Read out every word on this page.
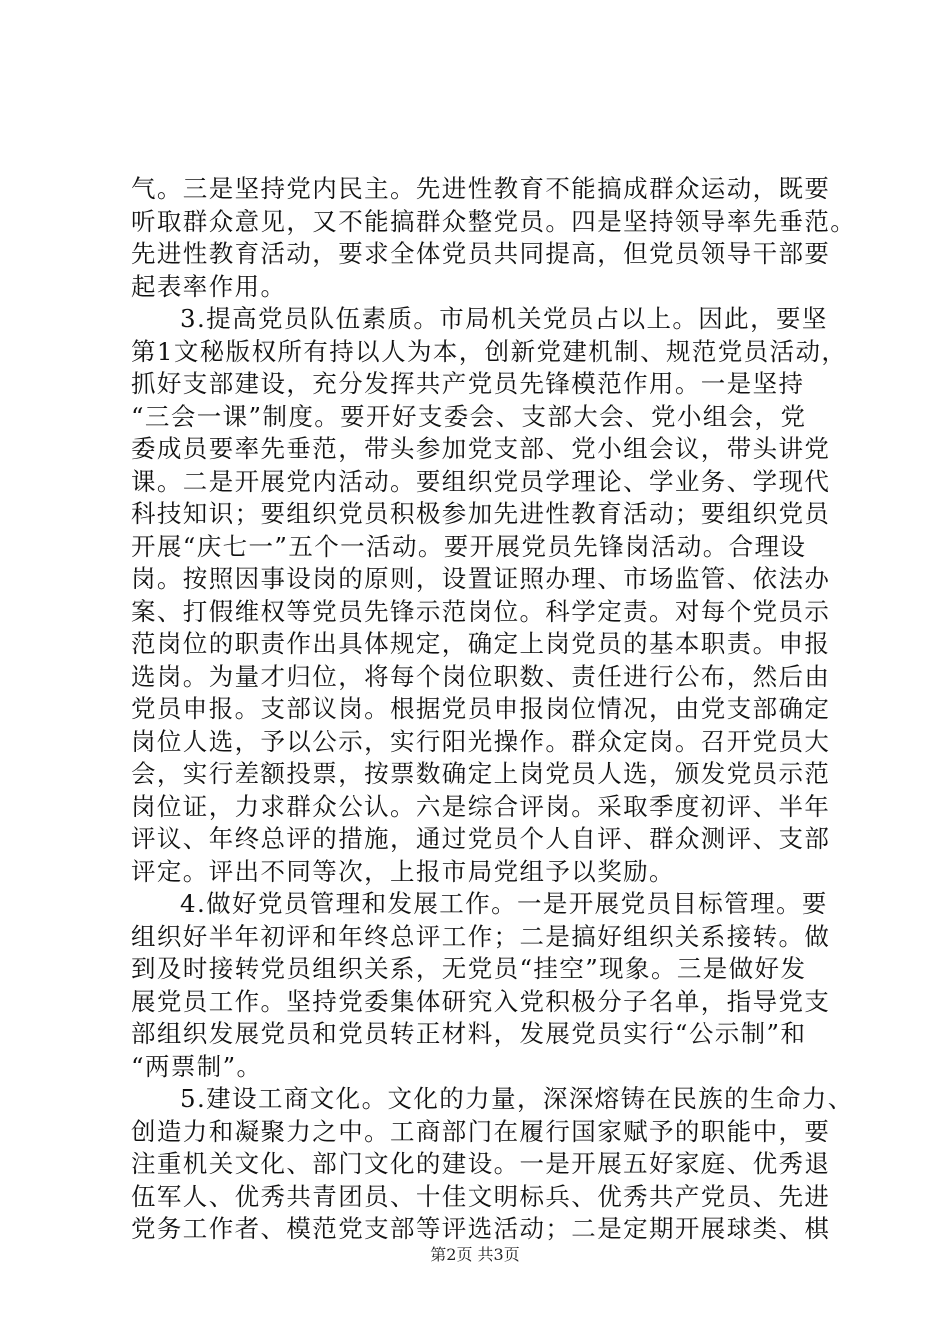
气。三是坚持党内民主。先进性教育不能搞成群众运动，既要
听取群众意见，又不能搞群众整党员。四是坚持领导率先垂范。
先进性教育活动，要求全体党员共同提高，但党员领导干部要
起表率作用。
3.提高党员队伍素质。市局机关党员占以上。因此，要坚
第1文秘版权所有持以人为本，创新党建机制、规范党员活动，
抓好支部建设，充分发挥共产党员先锋模范作用。一是坚持
“三会一课”制度。要开好支委会、支部大会、党小组会，党
委成员要率先垂范，带头参加党支部、党小组会议，带头讲党
课。二是开展党内活动。要组织党员学理论、学业务、学现代
科技知识；要组织党员积极参加先进性教育活动；要组织党员
开展“庆七一”五个一活动。要开展党员先锋岗活动。合理设
岗。按照因事设岗的原则，设置证照办理、市场监管、依法办
案、打假维权等党员先锋示范岗位。科学定责。对每个党员示
范岗位的职责作出具体规定，确定上岗党员的基本职责。申报
选岗。为量才归位，将每个岗位职数、责任进行公布，然后由
党员申报。支部议岗。根据党员申报岗位情况，由党支部确定
岗位人选，予以公示，实行阳光操作。群众定岗。召开党员大
会，实行差额投票，按票数确定上岗党员人选，颁发党员示范
岗位证，力求群众公认。六是综合评岗。采取季度初评、半年
评议、年终总评的措施，通过党员个人自评、群众测评、支部
评定。评出不同等次，上报市局党组予以奖励。
4.做好党员管理和发展工作。一是开展党员目标管理。要
组织好半年初评和年终总评工作；二是搞好组织关系接转。做
到及时接转党员组织关系，无党员“挂空”现象。三是做好发
展党员工作。坚持党委集体研究入党积极分子名单，指导党支
部组织发展党员和党员转正材料，发展党员实行“公示制”和
“两票制”。
5.建设工商文化。文化的力量，深深熔铸在民族的生命力、
创造力和凝聚力之中。工商部门在履行国家赋予的职能中，要
注重机关文化、部门文化的建设。一是开展五好家庭、优秀退
伍军人、优秀共青团员、十佳文明标兵、优秀共产党员、先进
党务工作者、模范党支部等评选活动；二是定期开展球类、棋
第2页 共3页
